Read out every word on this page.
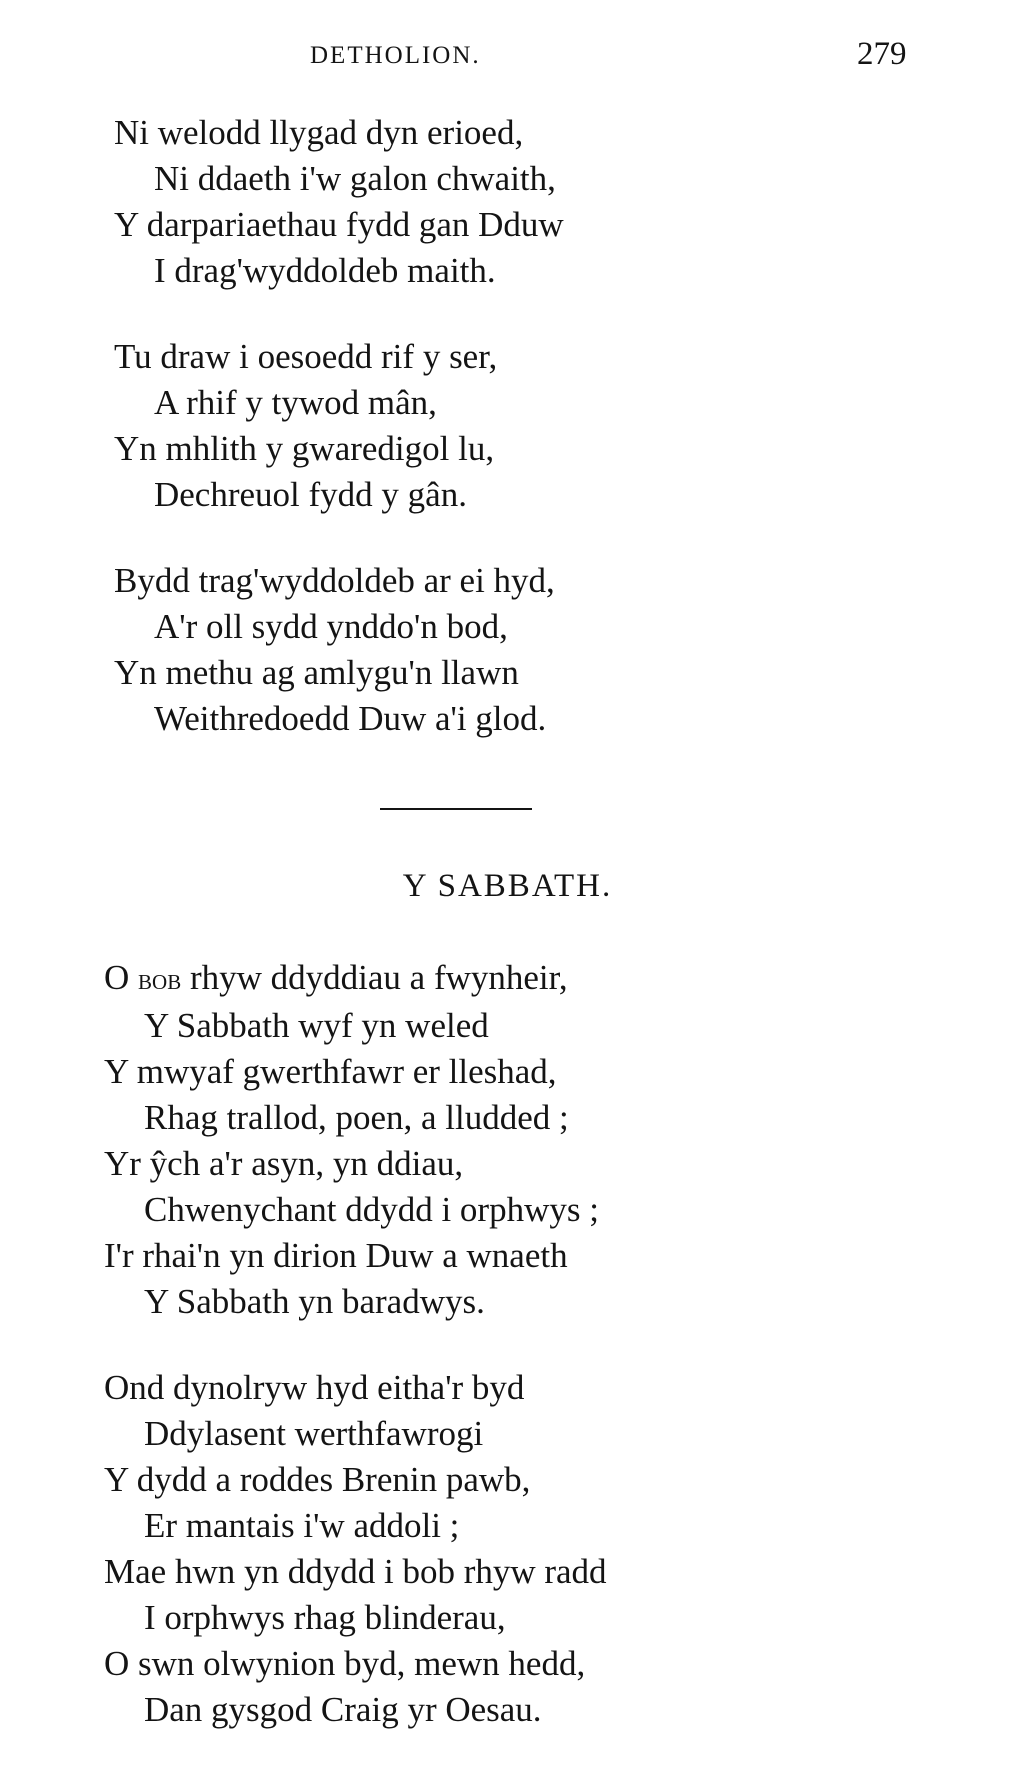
DETHOLION.	279
Ni welodd llygad dyn erioed,
Ni ddaeth i'w galon chwaith,
Y darpariaethau fydd gan Dduw
I drag'wyddoldeb maith.
Tu draw i oesoedd rif y ser,
A rhif y tywod mân,
Yn mhlith y gwaredigol lu,
Dechreuol fydd y gân.
Bydd trag'wyddoldeb ar ei hyd,
A'r oll sydd ynddo'n bod,
Yn methu ag amlygu'n llawn
Weithredoedd Duw a'i glod.
Y SABBATH.
O bob rhyw ddyddiau a fwynheir,
Y Sabbath wyf yn weled
Y mwyaf gwerthfawr er lleshad,
Rhag trallod, poen, a lludded ;
Yr ŷch a'r asyn, yn ddiau,
Chwenychant ddydd i orphwys ;
I'r rhai'n yn dirion Duw a wnaeth
Y Sabbath yn baradwys.
Ond dynolryw hyd eitha'r byd
Ddylasent werthfawrogi
Y dydd a roddes Brenin pawb,
Er mantais i'w addoli ;
Mae hwn yn ddydd i bob rhyw radd
I orphwys rhag blinderau,
O swn olwynion byd, mewn hedd,
Dan gysgod Craig yr Oesau.
